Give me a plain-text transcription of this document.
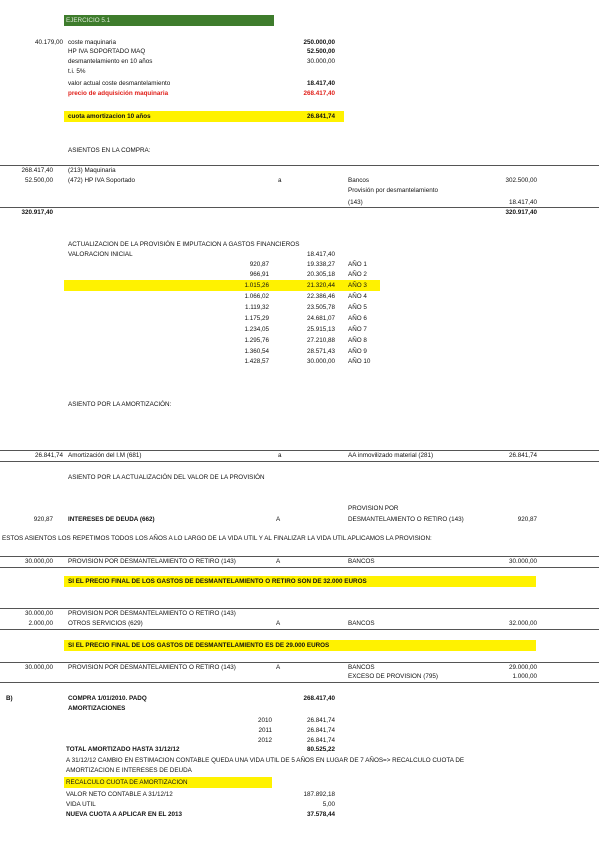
EJERCICIO 5.1
40.179,00 coste maquinaria	250.000,00
HP IVA SOPORTADO MAQ	52.500,00
desmantelamiento en 10 años	30.000,00
t.i. 5%
valor actual coste desmantelamiento	18.417,40
precio de adquisición maquinaria	268.417,40
cuota amortizacion 10 años	26.841,74
ASIENTOS EN LA COMPRA:
268.417,40 (213) Maquinaria
52.500,00 (472) HP IVA Soportado	a	Bancos	302.500,00
Provisión por desmantelamiento
(143)	18.417,40
320.917,40	320.917,40
ACTUALIZACION DE LA PROVISIÓN E IMPUTACION A GASTOS FINANCIEROS
VALORACION INICIAL	18.417,40
920,87	19.338,27 AÑO 1
966,91	20.305,18 AÑO 2
1.015,26	21.320,44 AÑO 3
1.066,02	22.386,46 AÑO 4
1.119,32	23.505,78 AÑO 5
1.175,29	24.681,07 AÑO 6
1.234,05	25.915,13 AÑO 7
1.295,76	27.210,88 AÑO 8
1.360,54	28.571,43 AÑO 9
1.428,57	30.000,00 AÑO 10
ASIENTO POR LA AMORTIZACIÓN:
26.841,74 Amortización del I.M (681)	a	AA inmovilizado material (281)	26.841,74
ASIENTO POR LA ACTUALIZACIÓN DEL VALOR DE LA PROVISIÓN
PROVISION POR
920,87 INTERESES DE DEUDA (662)	A	DESMANTELAMIENTO O RETIRO (143)	920,87
ESTOS ASIENTOS LOS REPETIMOS TODOS LOS AÑOS A LO LARGO DE LA VIDA UTIL Y AL FINALIZAR LA VIDA UTIL APLICAMOS LA PROVISION:
30.000,00 PROVISION POR DESMANTELAMIENTO O RETIRO (143)	A	BANCOS	30.000,00
SI EL PRECIO FINAL DE LOS GASTOS DE DESMANTELAMIENTO O RETIRO SON DE 32.000 EUROS
30.000,00 PROVISION POR DESMANTELAMIENTO O RETIRO (143)
2.000,00 OTROS SERVICIOS (629)	A	BANCOS	32.000,00
SI EL PRECIO FINAL DE LOS GASTOS DE DESMANTELAMIENTO ES DE 29.000 EUROS
30.000,00 PROVISION POR DESMANTELAMIENTO O RETIRO (143)	A	BANCOS	29.000,00
EXCESO DE PROVISION (795)	1.000,00
B)	COMPRA 1/01/2010. PADQ	268.417,40
AMORTIZACIONES
2010	26.841,74
2011	26.841,74
2012	26.841,74
TOTAL AMORTIZADO HASTA 31/12/12	80.525,22
A 31/12/12 CAMBIO EN ESTIMACION CONTABLE QUEDA UNA VIDA UTIL DE 5 AÑOS EN LUGAR DE 7 AÑOS=> RECALCULO CUOTA DE
AMORTIZACION E INTERESES DE DEUDA
RECALCULO CUOTA DE AMORTIZACION
VALOR NETO CONTABLE A 31/12/12	187.892,18
VIDA UTIL	5,00
NUEVA CUOTA A APLICAR EN EL 2013	37.578,44
